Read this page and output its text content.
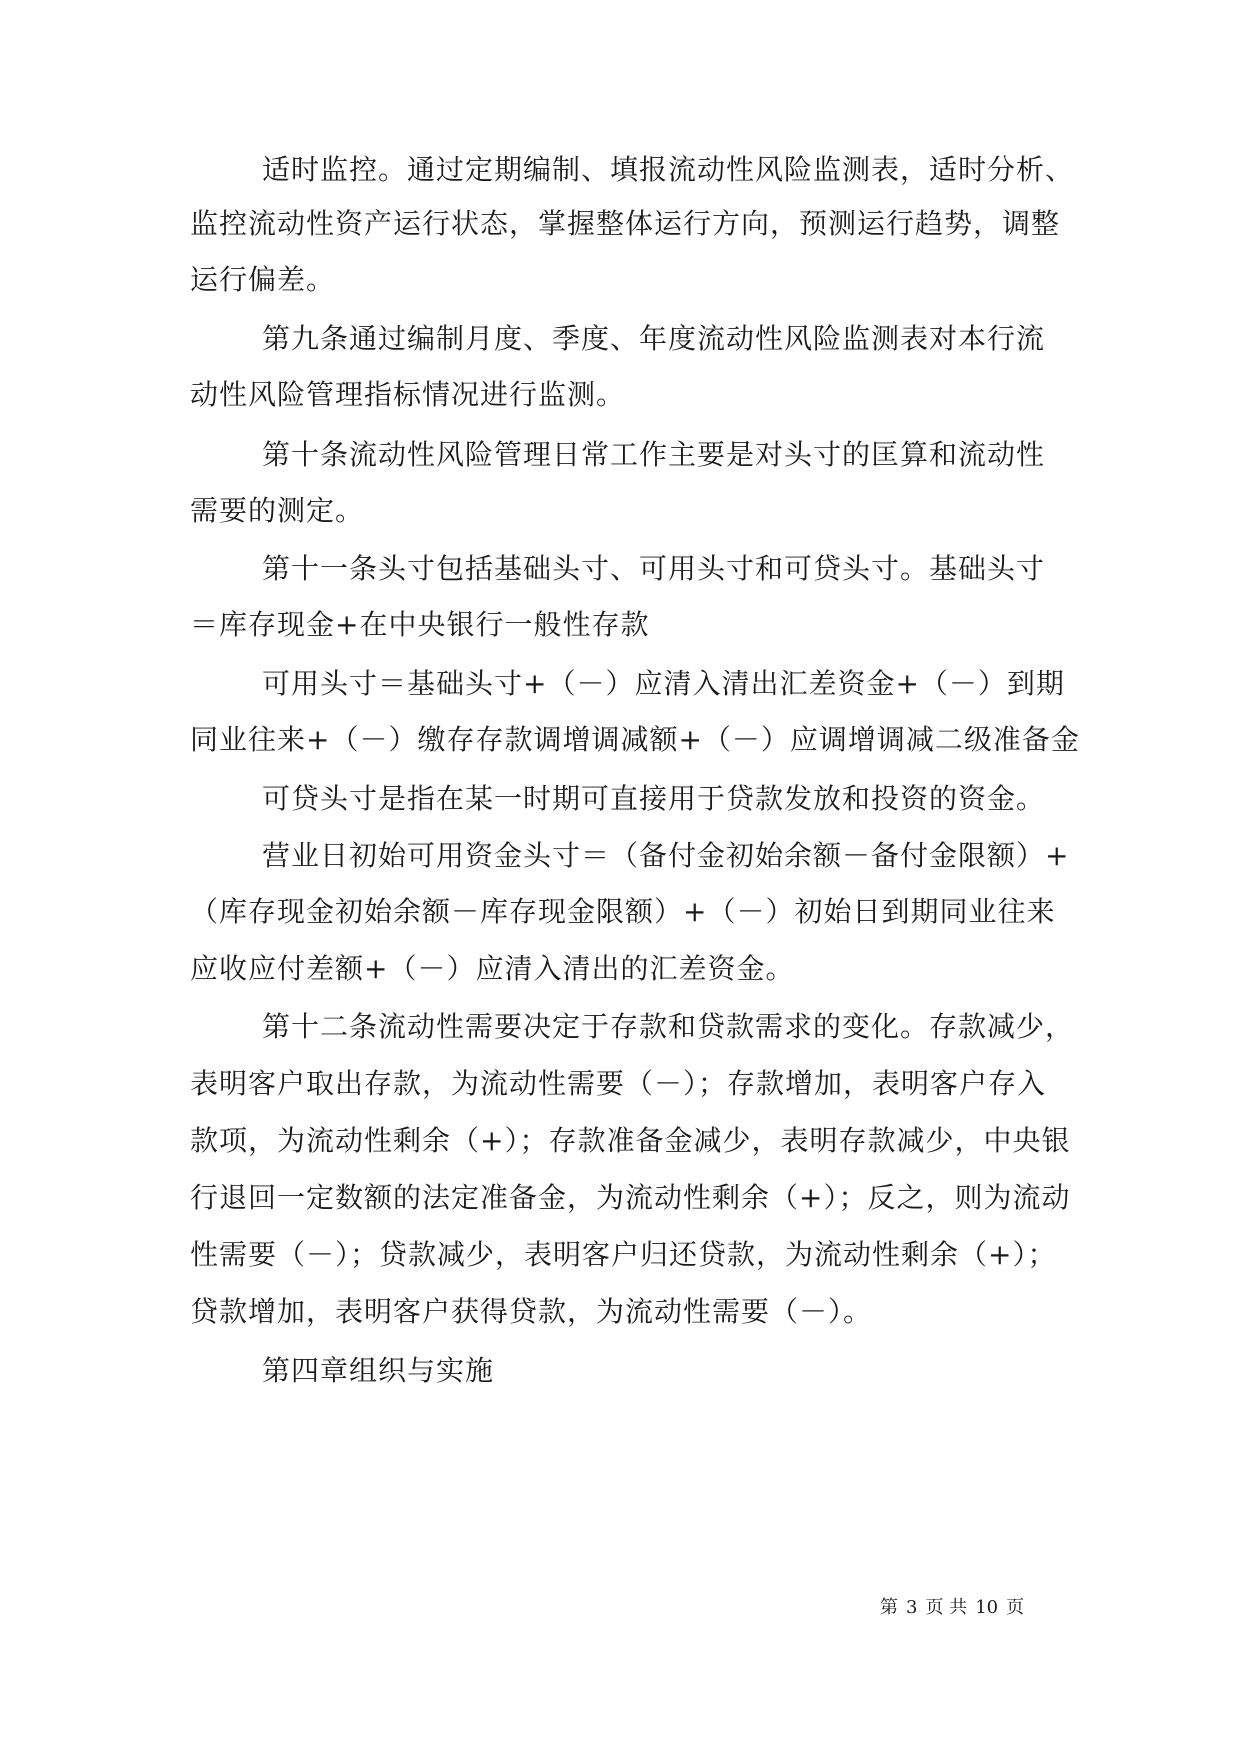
适时监控。通过定期编制、填报流动性风险监测表，适时分析、
监控流动性资产运行状态，掌握整体运行方向，预测运行趋势，调整
运行偏差。
第九条通过编制月度、季度、年度流动性风险监测表对本行流
动性风险管理指标情况进行监测。
第十条流动性风险管理日常工作主要是对头寸的匡算和流动性
需要的测定。
第十一条头寸包括基础头寸、可用头寸和可贷头寸。基础头寸
＝库存现金+在中央银行一般性存款
可用头寸＝基础头寸+（－）应清入清出汇差资金+（－）到期
同业往来+（－）缴存存款调增调减额+（－）应调增调减二级准备金
可贷头寸是指在某一时期可直接用于贷款发放和投资的资金。
营业日初始可用资金头寸＝（备付金初始余额－备付金限额）+
（库存现金初始余额－库存现金限额）+（－）初始日到期同业往来
应收应付差额+（－）应清入清出的汇差资金。
第十二条流动性需要决定于存款和贷款需求的变化。存款减少，
表明客户取出存款，为流动性需要（－）；存款增加，表明客户存入
款项，为流动性剩余（+）；存款准备金减少，表明存款减少，中央银
行退回一定数额的法定准备金，为流动性剩余（+）；反之，则为流动
性需要（－）；贷款减少，表明客户归还贷款，为流动性剩余（+）；
贷款增加，表明客户获得贷款，为流动性需要（－）。
第四章组织与实施
第 3 页 共 10 页
